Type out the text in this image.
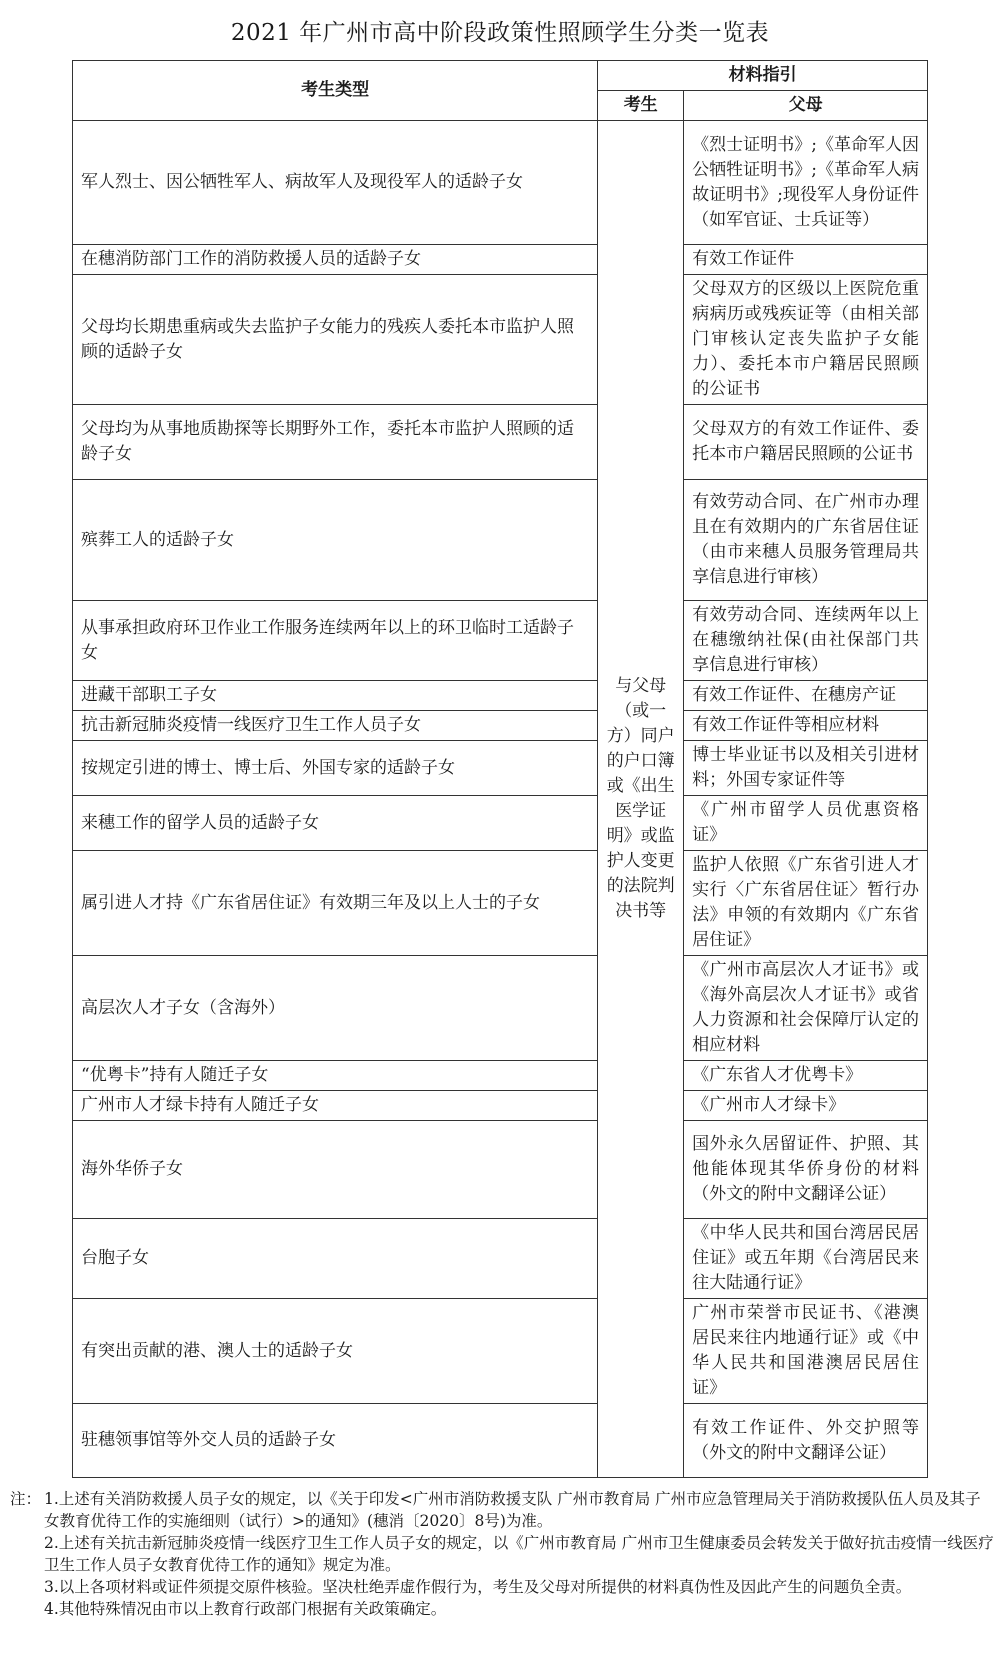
2021 年广州市高中阶段政策性照顾学生分类一览表
考生类型	材料指引	
	考生	父母
军人烈士、因公牺牲军人、病故军人及现役军人的适龄子女	与父母（或一方）同户的户口簿或《出生医学证明》或监护人变更的法院判决书等	《烈士证明书》;《革命军人因公牺牲证明书》;《革命军人病故证明书》;现役军人身份证件（如军官证、士兵证等）
在穗消防部门工作的消防救援人员的适龄子女		有效工作证件
父母均长期患重病或失去监护子女能力的残疾人委托本市监护人照顾的适龄子女		父母双方的区级以上医院危重病病历或残疾证等（由相关部门审核认定丧失监护子女能力）、委托本市户籍居民照顾的公证书
父母均为从事地质勘探等长期野外工作，委托本市监护人照顾的适龄子女		父母双方的有效工作证件、委托本市户籍居民照顾的公证书
殡葬工人的适龄子女		有效劳动合同、在广州市办理且在有效期内的广东省居住证（由市来穗人员服务管理局共享信息进行审核）
从事承担政府环卫作业工作服务连续两年以上的环卫临时工适龄子女		有效劳动合同、连续两年以上在穗缴纳社保(由社保部门共享信息进行审核）
进藏干部职工子女		有效工作证件、在穗房产证
抗击新冠肺炎疫情一线医疗卫生工作人员子女		有效工作证件等相应材料
按规定引进的博士、博士后、外国专家的适龄子女		博士毕业证书以及相关引进材料；外国专家证件等
来穗工作的留学人员的适龄子女		《广州市留学人员优惠资格证》
属引进人才持《广东省居住证》有效期三年及以上人士的子女		监护人依照《广东省引进人才实行〈广东省居住证〉暂行办法》申领的有效期内《广东省居住证》
高层次人才子女（含海外）		《广州市高层次人才证书》或《海外高层次人才证书》或省人力资源和社会保障厅认定的相应材料
“优粤卡”持有人随迁子女		《广东省人才优粤卡》
广州市人才绿卡持有人随迁子女		《广州市人才绿卡》
海外华侨子女		国外永久居留证件、护照、其他能体现其华侨身份的材料（外文的附中文翻译公证）
台胞子女		《中华人民共和国台湾居民居住证》或五年期《台湾居民来往大陆通行证》
有突出贡献的港、澳人士的适龄子女		广州市荣誉市民证书、《港澳居民来往内地通行证》或《中华人民共和国港澳居民居住证》
驻穗领事馆等外交人员的适龄子女		有效工作证件、外交护照等（外文的附中文翻译公证）
注： 1.上述有关消防救援人员子女的规定，以《关于印发<广州市消防救援支队 广州市教育局 广州市应急管理局关于消防救援队伍人员及其子女教育优待工作的实施细则（试行）>的通知》(穗消〔2020〕8号)为准。
2.上述有关抗击新冠肺炎疫情一线医疗卫生工作人员子女的规定，以《广州市教育局 广州市卫生健康委员会转发关于做好抗击疫情一线医疗卫生工作人员子女教育优待工作的通知》规定为准。
3.以上各项材料或证件须提交原件核验。坚决杜绝弄虚作假行为，考生及父母对所提供的材料真伪性及因此产生的问题负全责。
4.其他特殊情况由市以上教育行政部门根据有关政策确定。
